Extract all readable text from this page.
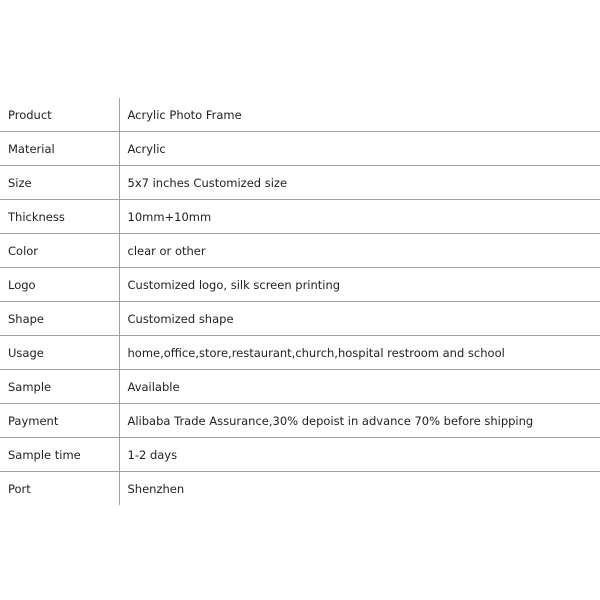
Product	Acrylic Photo Frame
Material	Acrylic
Size	5x7 inches Customized size
Thickness	10mm+10mm
Color	clear or other
Logo	Customized logo, silk screen printing
Shape	Customized shape
Usage	home,office,store,restaurant,church,hospital restroom and school
Sample	Available
Payment	Alibaba Trade Assurance,30% depoist in advance 70% before shipping
Sample time	1-2 days
Port	Shenzhen
